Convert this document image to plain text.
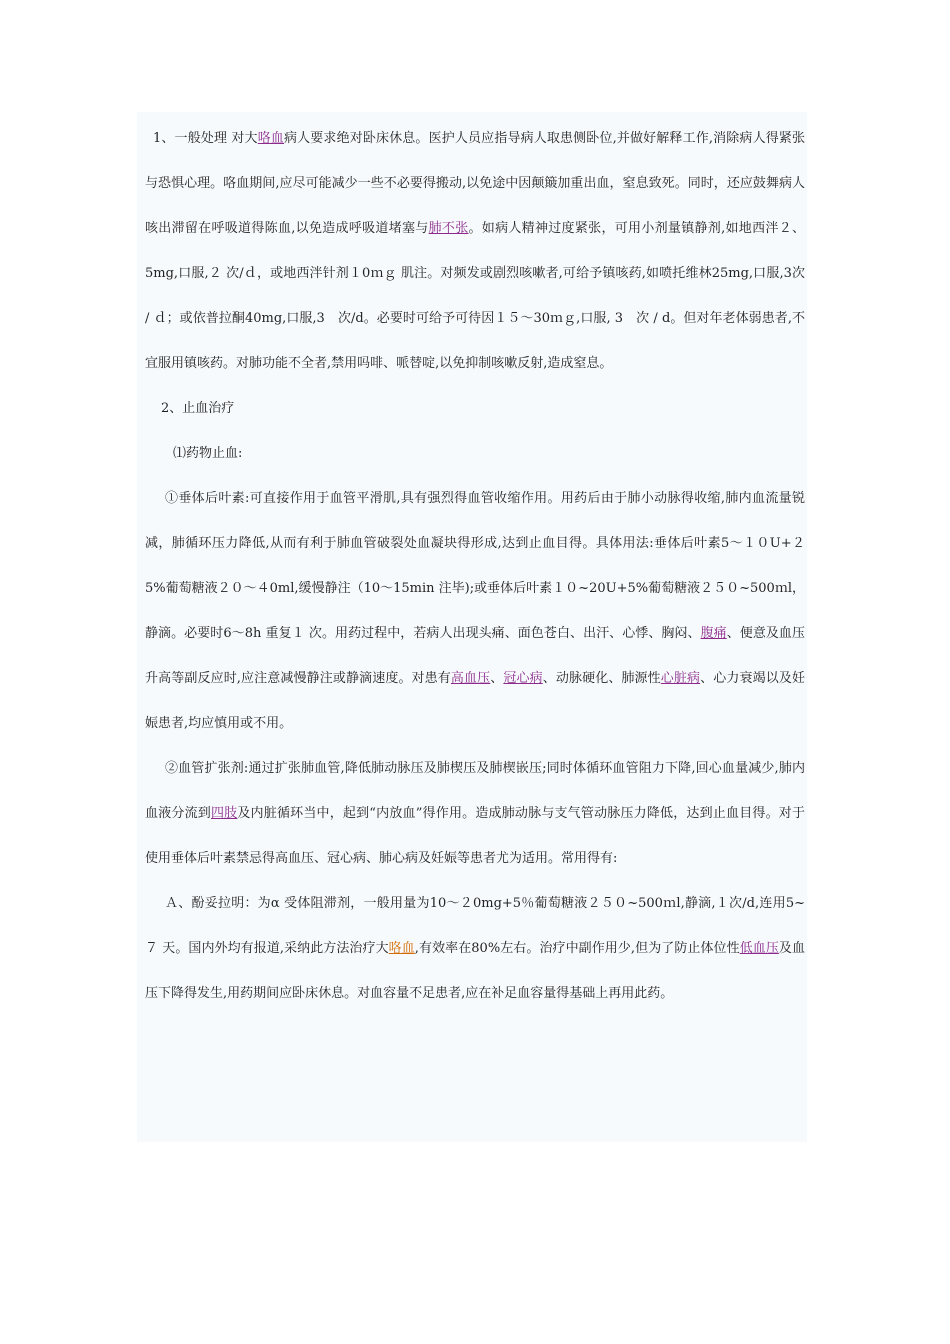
1、一般处理 对大咯血病人要求绝对卧床休息。医护人员应指导病人取患侧卧位,并做好解释工作,消除病人得紧张与恐惧心理。咯血期间,应尽可能减少一些不必要得搬动,以免途中因颠簸加重出血，窒息致死。同时，还应鼓舞病人咳出滞留在呼吸道得陈血,以免造成呼吸道堵塞与肺不张。如病人精神过度紧张，可用小剂量镇静剂,如地西泮２、5mg,口服,２ 次/ｄ，或地西泮针剂１0ｍｇ 肌注。对频发或剧烈咳嗽者,可给予镇咳药,如喷托维林25mg,口服,3次 / ｄ；或依普拉酮40mg,口服,3　次/d。必要时可给予可待因１５～30ｍｇ,口服, 3　次 / d。但对年老体弱患者,不宜服用镇咳药。对肺功能不全者,禁用吗啡、哌替啶,以免抑制咳嗽反射,造成窒息。

2、止血治疗

⑴药物止血:

①垂体后叶素:可直接作用于血管平滑肌,具有强烈得血管收缩作用。用药后由于肺小动脉得收缩,肺内血流量锐减，肺循环压力降低,从而有利于肺血管破裂处血凝块得形成,达到止血目得。具体用法:垂体后叶素5～１０U+２5%葡萄糖液２０～４0ml,缓慢静注（10～15min 注毕);或垂体后叶素１０~20U+5%葡萄糖液２５０~500ｍl，静滴。必要时6～8h 重复１ 次。用药过程中，若病人出现头痛、面色苍白、出汗、心悸、胸闷、腹痛、便意及血压升高等副反应时,应注意减慢静注或静滴速度。对患有高血压、冠心病、动脉硬化、肺源性心脏病、心力衰竭以及妊娠患者,均应慎用或不用。

②血管扩张剂:通过扩张肺血管,降低肺动脉压及肺楔压及肺楔嵌压;同时体循环血管阻力下降,回心血量减少,肺内血液分流到四肢及内脏循环当中，起到“内放血”得作用。造成肺动脉与支气管动脉压力降低，达到止血目得。对于使用垂体后叶素禁忌得高血压、冠心病、肺心病及妊娠等患者尤为适用。常用得有:

Ａ、酚妥拉明：为α 受体阻滞剂，一般用量为10～２0mg+5％葡萄糖液２５０~500ｍl,静滴,１次/d,连用5~７ 天。国内外均有报道,采纳此方法治疗大咯血,有效率在80%左右。治疗中副作用少,但为了防止体位性低血压及血压下降得发生,用药期间应卧床休息。对血容量不足患者,应在补足血容量得基础上再用此药。
